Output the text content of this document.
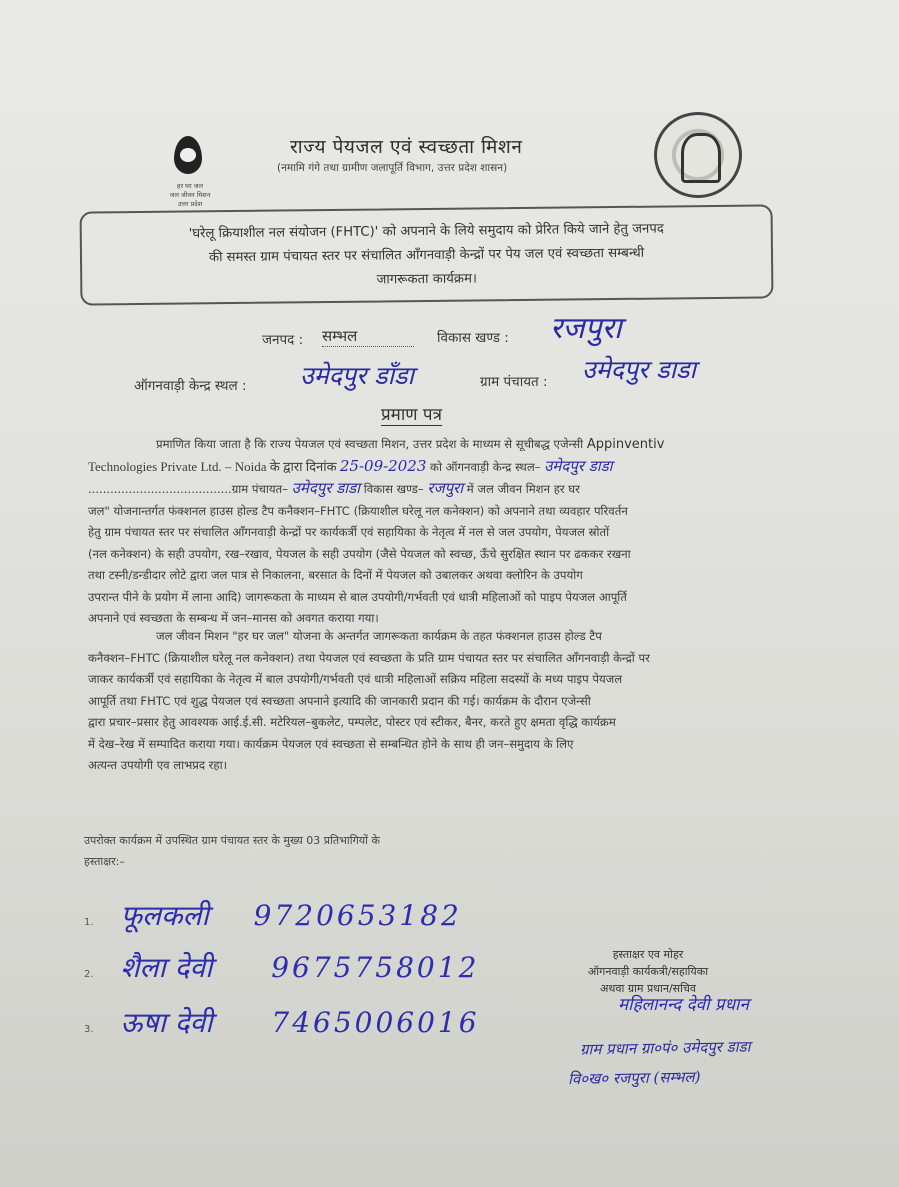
हर घर जल
जल जीवन मिशन
उत्तर प्रदेश
राज्य पेयजल एवं स्वच्छता मिशन
(नमामि गंगे तथा ग्रामीण जलापूर्ति विभाग, उत्तर प्रदेश शासन)
'घरेलू क्रियाशील नल संयोजन (FHTC)' को अपनाने के लिये समुदाय को प्रेरित किये जाने हेतु जनपद
की समस्त ग्राम पंचायत स्तर पर संचालित आँगनवाड़ी केन्द्रों पर पेय जल एवं स्वच्छता सम्बन्धी
जागरूकता कार्यक्रम।
जनपद : सम्भल	विकास खण्ड : रजपुरा
ऑगनवाड़ी केन्द्र स्थल : उमेदपुर डाँडा	ग्राम पंचायत : उमेदपुर डाडा
प्रमाण पत्र
प्रमाणित किया जाता है कि राज्य पेयजल एवं स्वच्छता मिशन, उत्तर प्रदेश के माध्यम से सूचीबद्ध एजेन्सी Appinventiv
Technologies Private Ltd. – Noida के द्वारा दिनांक 25-09-2023 को ऑगनवाड़ी केन्द्र स्थल– उमेदपुर डाडा
.......................................ग्राम पंचायत– उमेदपुर डाडा विकास खण्ड– रजपुरा में जल जीवन मिशन हर घर
जल" योजनान्तर्गत फंक्शनल हाउस होल्ड टैप कनैक्शन–FHTC (क्रियाशील घरेलू नल कनेक्शन) को अपनाने तथा व्यवहार परिवर्तन
हेतु ग्राम पंचायत स्तर पर संचालित आँगनवाड़ी केन्द्रों पर कार्यकर्त्री एवं सहायिका के नेतृत्व में नल से जल उपयोग, पेयजल स्रोतों
(नल कनेक्शन) के सही उपयोग, रख–रखाव, पेयजल के सही उपयोग (जैसे पेयजल को स्वच्छ, ऊँचे सुरक्षित स्थान पर ढककर रखना
तथा टस्नी/डन्डीदार लोटे द्वारा जल पात्र से निकालना, बरसात के दिनों में पेयजल को उबालकर अथवा क्लोरिन के उपयोग
उपरान्त पीने के प्रयोग में लाना आदि) जागरूकता के माध्यम से बाल उपयोगी/गर्भवती एवं धात्री महिलाओं को पाइप पेयजल आपूर्ति
अपनाने एवं स्वच्छता के सम्बन्ध में जन–मानस को अवगत कराया गया।
जल जीवन मिशन "हर घर जल" योजना के अन्तर्गत जागरूकता कार्यक्रम के तहत फंक्शनल हाउस होल्ड टैप
कनैक्शन–FHTC (क्रियाशील घरेलू नल कनेक्शन) तथा पेयजल एवं स्वच्छता के प्रति ग्राम पंचायत स्तर पर संचालित आँगनवाड़ी केन्द्रों पर
जाकर कार्यकर्त्री एवं सहायिका के नेतृत्व में बाल उपयोगी/गर्भवती एवं धात्री महिलाओं सक्रिय महिला सदस्यों के मध्य पाइप पेयजल
आपूर्ति तथा FHTC एवं शुद्ध पेयजल एवं स्वच्छता अपनाने इत्यादि की जानकारी प्रदान की गई। कार्यक्रम के दौरान एजेन्सी
द्वारा प्रचार–प्रसार हेतु आवश्यक आई.ई.सी. मटेरियल–बुकलेट, पम्पलेट, पोस्टर एवं स्टीकर, बैनर, करते हुए क्षमता वृद्धि कार्यक्रम
में देख–रेख में सम्पादित कराया गया। कार्यक्रम पेयजल एवं स्वच्छता से सम्बन्धित होने के साथ ही जन–समुदाय के लिए
अत्यन्त उपयोगी एव लाभप्रद रहा।
उपरोक्त कार्यक्रम में उपस्थित ग्राम पंचायत स्तर के मुख्य 03 प्रतिभागियों के
हस्ताक्षर:–
1. फूलकली 9720653182
2. शैला देवी 9675758012
3. ऊषा देवी 7465006016
हस्ताक्षर एव मोहर
ऑगनवाड़ी कार्यकत्री/सहायिका
अथवा ग्राम प्रधान/सचिव
महिलानन्द देवी प्रधान
ग्राम प्रधान ग्रा०पं० उमेदपुर डाडा
वि०ख० रजपुरा (सम्भल)
